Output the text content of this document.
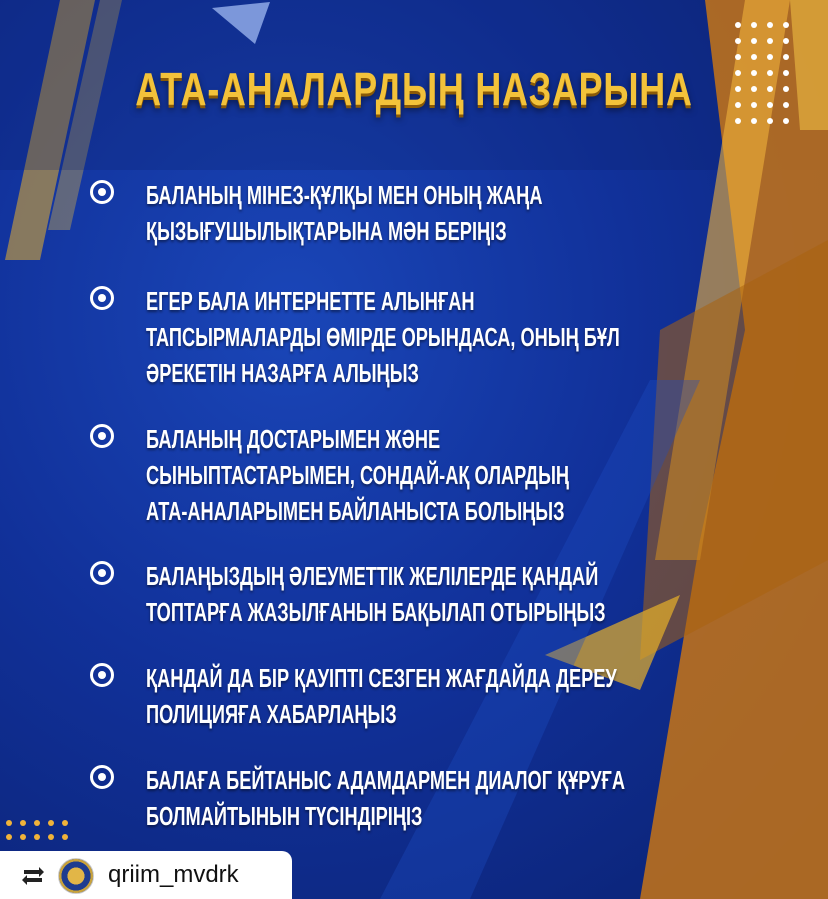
АТА-АНАЛАРДЫҢ НАЗАРЫНА
БАЛАНЫҢ МІНЕЗ-ҚҰЛҚЫ МЕН ОНЫҢ ЖАҢА
ҚЫЗЫҒУШЫЛЫҚТАРЫНА МӘН БЕРІҢІЗ
ЕГЕР БАЛА ИНТЕРНЕТТЕ АЛЫНҒАН
ТАПСЫРМАЛАРДЫ ӨМІРДЕ ОРЫНДАСА, ОНЫҢ БҰЛ
ӘРЕКЕТІН НАЗАРҒА АЛЫҢЫЗ
БАЛАНЫҢ ДОСТАРЫМЕН ЖӘНЕ
СЫНЫПТАСТАРЫМЕН, СОНДАЙ-АҚ ОЛАРДЫҢ
АТА-АНАЛАРЫМЕН БАЙЛАНЫСТА БОЛЫҢЫЗ
БАЛАҢЫЗДЫҢ ӘЛЕУМЕТТІК ЖЕЛІЛЕРДЕ ҚАНДАЙ
ТОПТАРҒА ЖАЗЫЛҒАНЫН БАҚЫЛАП ОТЫРЫҢЫЗ
ҚАНДАЙ ДА БІР ҚАУІПТІ СЕЗГЕН ЖАҒДАЙДА ДЕРЕУ
ПОЛИЦИЯҒА ХАБАРЛАҢЫЗ
БАЛАҒА БЕЙТАНЫС АДАМДАРМЕН ДИАЛОГ ҚҰРУҒА
БОЛМАЙТЫНЫН ТҮСІНДІРІҢІЗ
qriim_mvdrk
